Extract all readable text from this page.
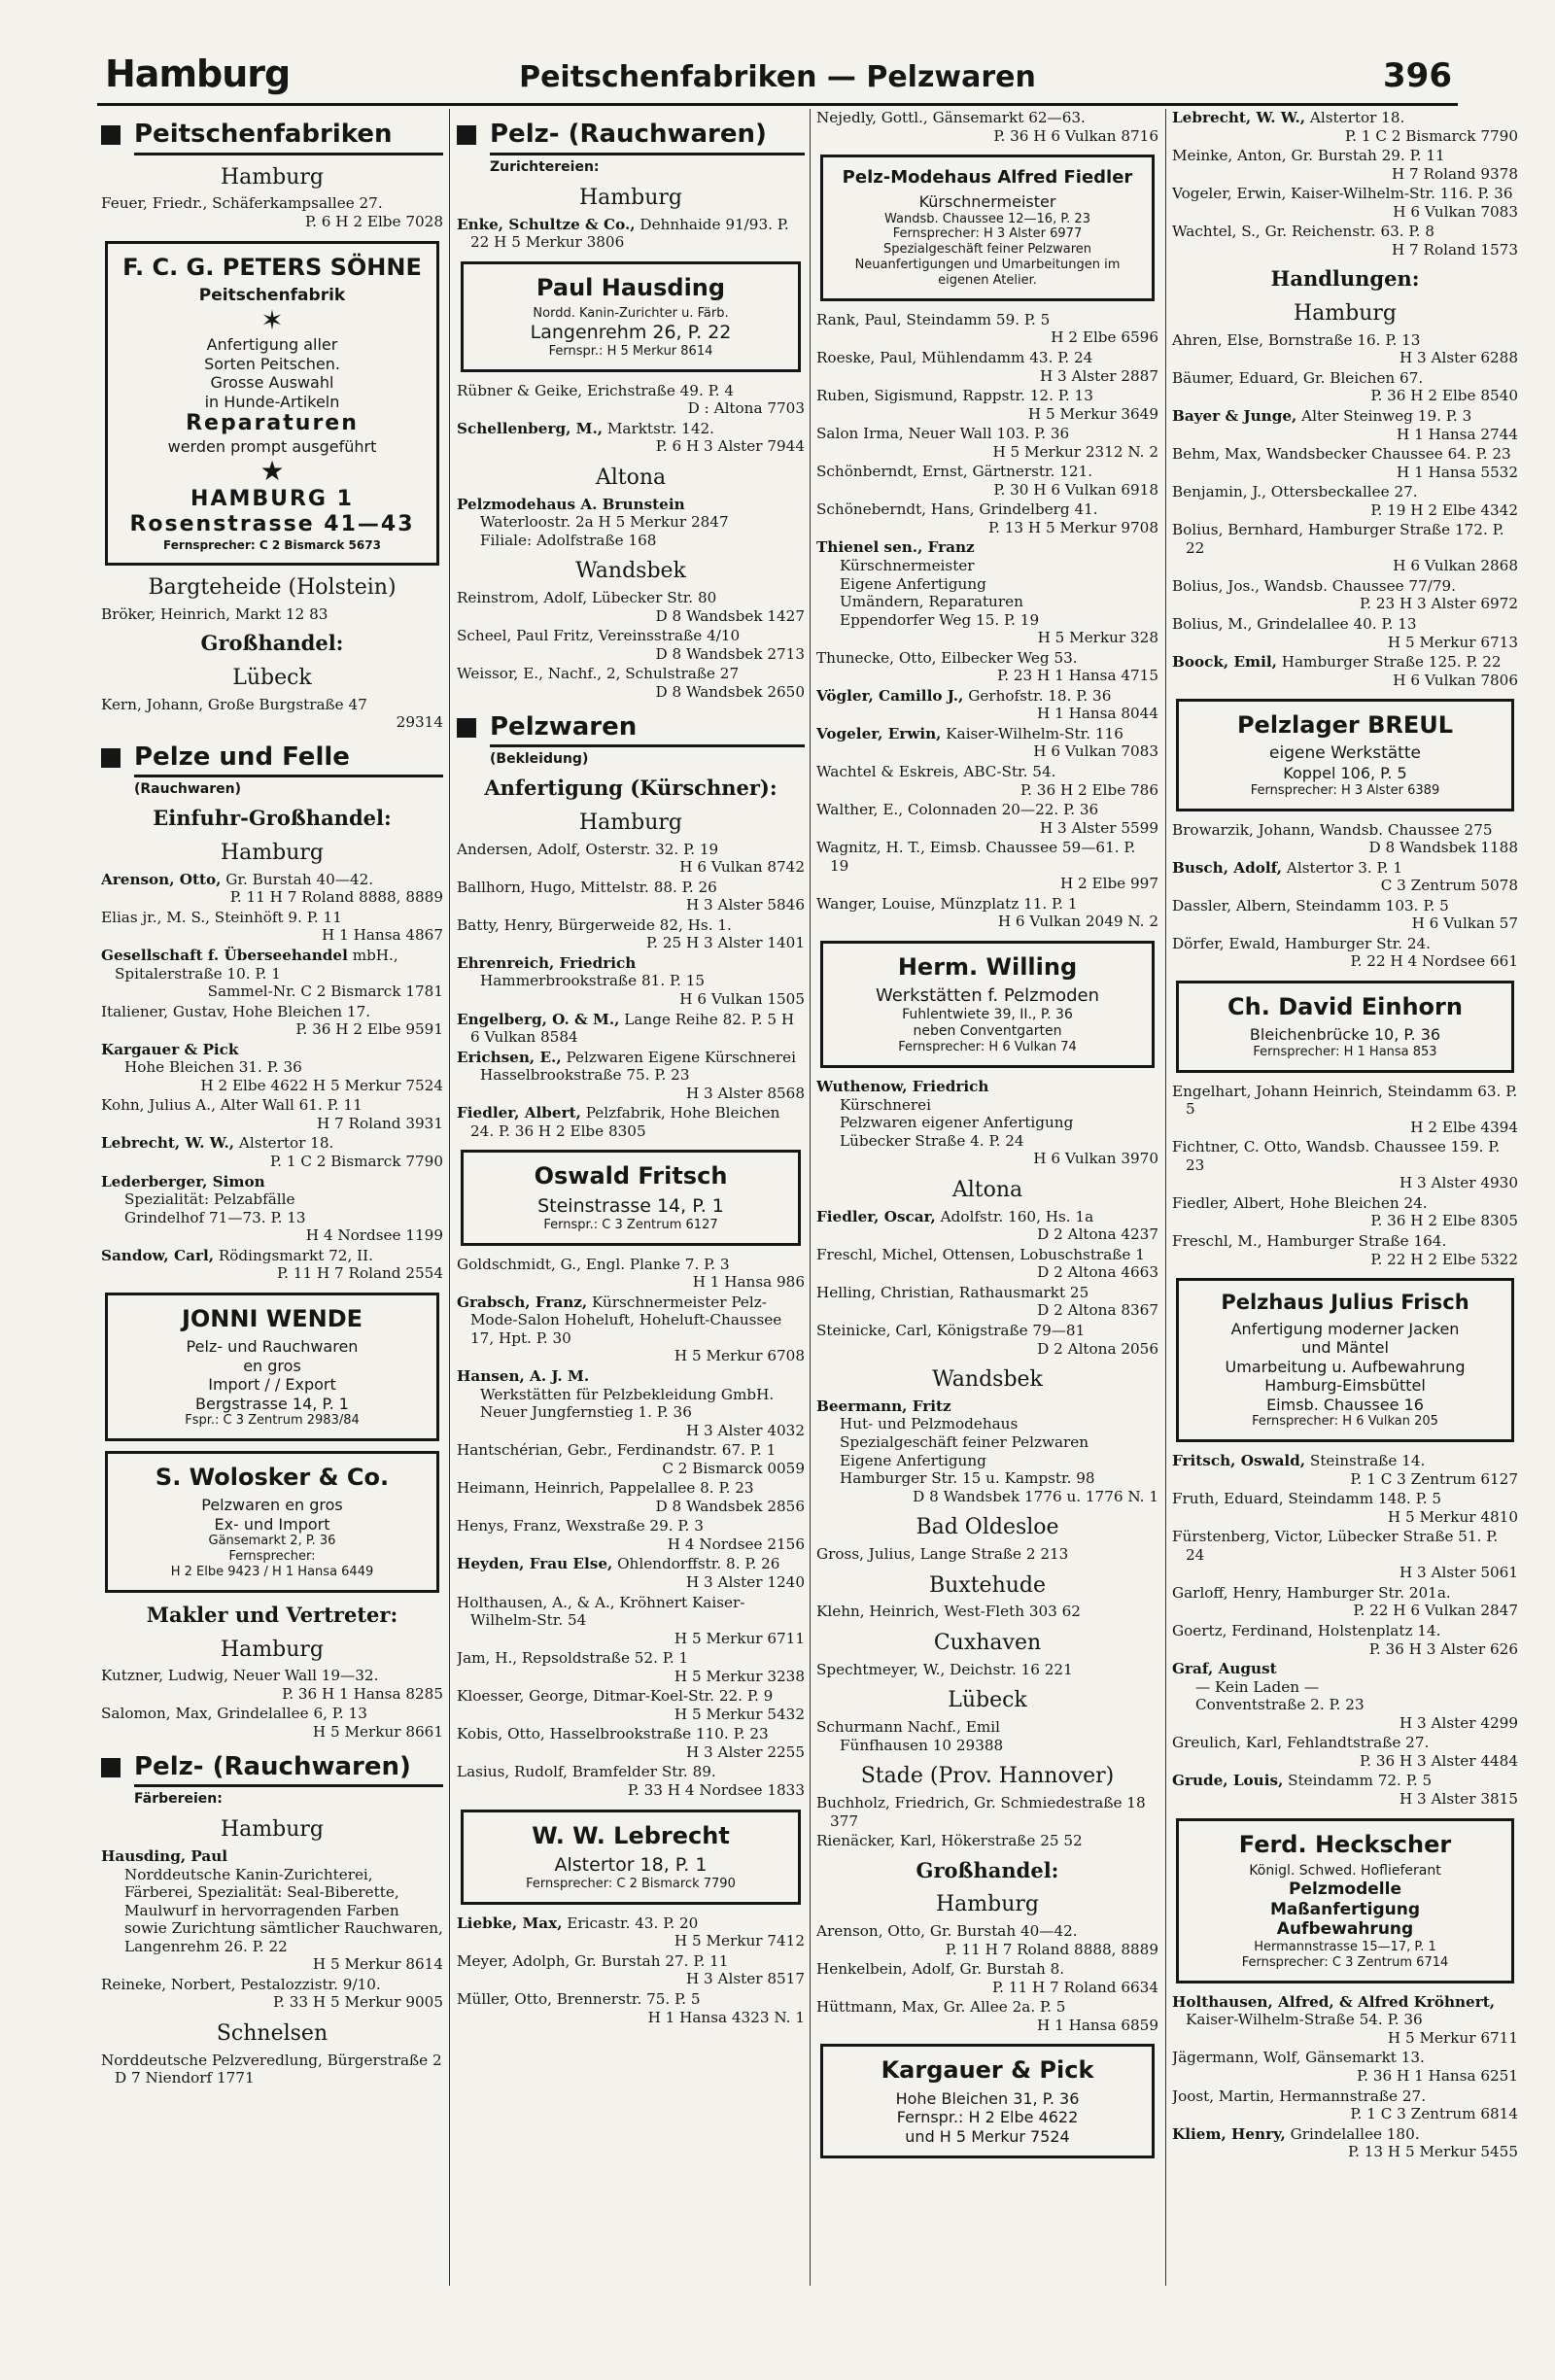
Hamburg	Peitschenfabriken — Pelzwaren	396
Peitschenfabriken
Hamburg
Feuer, Friedr., Schäferkampsallee 27.
P. 6 H 2 Elbe 7028
F. C. G. PETERS SÖHNE
Peitschenfabrik
✶
Anfertigung aller
Sorten Peitschen.
Grosse Auswahl
in Hunde-Artikeln
Reparaturen
werden prompt ausgeführt
★
HAMBURG 1
Rosenstrasse 41—43
Fernsprecher: C 2 Bismarck 5673
Bargteheide (Holstein)
Bröker, Heinrich, Markt 12 83
Großhandel:
Lübeck
Kern, Johann, Große Burgstraße 47
29314
Pelze und Felle
(Rauchwaren)
Einfuhr-Großhandel:
Hamburg
Arenson, Otto, Gr. Burstah 40—42.
P. 11 H 7 Roland 8888, 8889
Elias jr., M. S., Steinhöft 9. P. 11
H 1 Hansa 4867
Gesellschaft f. Überseehandel mbH., Spitalerstraße 10. P. 1
Sammel-Nr. C 2 Bismarck 1781
Italiener, Gustav, Hohe Bleichen 17.
P. 36 H 2 Elbe 9591
Kargauer & Pick
Hohe Bleichen 31. P. 36
H 2 Elbe 4622 H 5 Merkur 7524
Kohn, Julius A., Alter Wall 61. P. 11
H 7 Roland 3931
Lebrecht, W. W., Alstertor 18.
P. 1 C 2 Bismarck 7790
Lederberger, Simon
Spezialität: Pelzabfälle
Grindelhof 71—73. P. 13
H 4 Nordsee 1199
Sandow, Carl, Rödingsmarkt 72, II.
P. 11 H 7 Roland 2554
JONNI WENDE
Pelz- und Rauchwaren
en gros
Import / / Export
Bergstrasse 14, P. 1
Fspr.: C 3 Zentrum 2983/84
S. Wolosker & Co.
Pelzwaren en gros
Ex- und Import
Gänsemarkt 2, P. 36
Fernsprecher:
H 2 Elbe 9423 / H 1 Hansa 6449
Makler und Vertreter:
Hamburg
Kutzner, Ludwig, Neuer Wall 19—32.
P. 36 H 1 Hansa 8285
Salomon, Max, Grindelallee 6, P. 13
H 5 Merkur 8661
Pelz- (Rauchwaren)
Färbereien:
Hamburg
Hausding, Paul
Norddeutsche Kanin-Zurichterei, Färberei, Spezialität: Seal-Biberette, Maulwurf in hervorragenden Farben sowie Zurichtung sämtlicher Rauchwaren, Langenrehm 26. P. 22
H 5 Merkur 8614
Reineke, Norbert, Pestalozzistr. 9/10.
P. 33 H 5 Merkur 9005
Schnelsen
Norddeutsche Pelzveredlung, Bürgerstraße 2 D 7 Niendorf 1771
Pelz- (Rauchwaren)
Zurichtereien:
Hamburg
Enke, Schultze & Co., Dehnhaide 91/93. P. 22 H 5 Merkur 3806
Paul Hausding
Nordd. Kanin-Zurichter u. Färb.
Langenrehm 26, P. 22
Fernspr.: H 5 Merkur 8614
Rübner & Geike, Erichstraße 49. P. 4
D : Altona 7703
Schellenberg, M., Marktstr. 142.
P. 6 H 3 Alster 7944
Altona
Pelzmodehaus A. Brunstein
Waterloostr. 2a H 5 Merkur 2847
Filiale: Adolfstraße 168
Wandsbek
Reinstrom, Adolf, Lübecker Str. 80
D 8 Wandsbek 1427
Scheel, Paul Fritz, Vereinsstraße 4/10
D 8 Wandsbek 2713
Weissor, E., Nachf., 2, Schulstraße 27
D 8 Wandsbek 2650
Pelzwaren
(Bekleidung)
Anfertigung (Kürschner):
Hamburg
Andersen, Adolf, Osterstr. 32. P. 19
H 6 Vulkan 8742
Ballhorn, Hugo, Mittelstr. 88. P. 26
H 3 Alster 5846
Batty, Henry, Bürgerweide 82, Hs. 1.
P. 25 H 3 Alster 1401
Ehrenreich, Friedrich
Hammerbrookstraße 81. P. 15
H 6 Vulkan 1505
Engelberg, O. & M., Lange Reihe 82. P. 5 H 6 Vulkan 8584
Erichsen, E., Pelzwaren Eigene Kürschnerei
Hasselbrookstraße 75. P. 23
H 3 Alster 8568
Fiedler, Albert, Pelzfabrik, Hohe Bleichen 24. P. 36 H 2 Elbe 8305
Oswald Fritsch
Steinstrasse 14, P. 1
Fernspr.: C 3 Zentrum 6127
Goldschmidt, G., Engl. Planke 7. P. 3
H 1 Hansa 986
Grabsch, Franz, Kürschnermeister Pelz-Mode-Salon Hoheluft, Hoheluft-Chaussee 17, Hpt. P. 30
H 5 Merkur 6708
Hansen, A. J. M.
Werkstätten für Pelzbekleidung GmbH.
Neuer Jungfernstieg 1. P. 36
H 3 Alster 4032
Hantschérian, Gebr., Ferdinandstr. 67. P. 1
C 2 Bismarck 0059
Heimann, Heinrich, Pappelallee 8. P. 23
D 8 Wandsbek 2856
Henys, Franz, Wexstraße 29. P. 3
H 4 Nordsee 2156
Heyden, Frau Else, Ohlendorffstr. 8. P. 26
H 3 Alster 1240
Holthausen, A., & A., Kröhnert Kaiser-Wilhelm-Str. 54
H 5 Merkur 6711
Jam, H., Repsoldstraße 52. P. 1
H 5 Merkur 3238
Kloesser, George, Ditmar-Koel-Str. 22. P. 9
H 5 Merkur 5432
Kobis, Otto, Hasselbrookstraße 110. P. 23
H 3 Alster 2255
Lasius, Rudolf, Bramfelder Str. 89.
P. 33 H 4 Nordsee 1833
W. W. Lebrecht
Alstertor 18, P. 1
Fernsprecher: C 2 Bismarck 7790
Liebke, Max, Ericastr. 43. P. 20
H 5 Merkur 7412
Meyer, Adolph, Gr. Burstah 27. P. 11
H 3 Alster 8517
Müller, Otto, Brennerstr. 75. P. 5
H 1 Hansa 4323 N. 1
Nejedly, Gottl., Gänsemarkt 62—63.
P. 36 H 6 Vulkan 8716
Pelz-Modehaus Alfred Fiedler
Kürschnermeister
Wandsb. Chaussee 12—16, P. 23
Fernsprecher: H 3 Alster 6977
Spezialgeschäft feiner Pelzwaren
Neuanfertigungen und Umarbeitungen im eigenen Atelier.
Rank, Paul, Steindamm 59. P. 5
H 2 Elbe 6596
Roeske, Paul, Mühlendamm 43. P. 24
H 3 Alster 2887
Ruben, Sigismund, Rappstr. 12. P. 13
H 5 Merkur 3649
Salon Irma, Neuer Wall 103. P. 36
H 5 Merkur 2312 N. 2
Schönberndt, Ernst, Gärtnerstr. 121.
P. 30 H 6 Vulkan 6918
Schöneberndt, Hans, Grindelberg 41.
P. 13 H 5 Merkur 9708
Thienel sen., Franz
Kürschnermeister
Eigene Anfertigung
Umändern, Reparaturen
Eppendorfer Weg 15. P. 19
H 5 Merkur 328
Thunecke, Otto, Eilbecker Weg 53.
P. 23 H 1 Hansa 4715
Vögler, Camillo J., Gerhofstr. 18. P. 36
H 1 Hansa 8044
Vogeler, Erwin, Kaiser-Wilhelm-Str. 116
H 6 Vulkan 7083
Wachtel & Eskreis, ABC-Str. 54.
P. 36 H 2 Elbe 786
Walther, E., Colonnaden 20—22. P. 36
H 3 Alster 5599
Wagnitz, H. T., Eimsb. Chaussee 59—61. P. 19
H 2 Elbe 997
Wanger, Louise, Münzplatz 11. P. 1
H 6 Vulkan 2049 N. 2
Herm. Willing
Werkstätten f. Pelzmoden
Fuhlentwiete 39, II., P. 36
neben Conventgarten
Fernsprecher: H 6 Vulkan 74
Wuthenow, Friedrich
Kürschnerei
Pelzwaren eigener Anfertigung
Lübecker Straße 4. P. 24
H 6 Vulkan 3970
Altona
Fiedler, Oscar, Adolfstr. 160, Hs. 1a
D 2 Altona 4237
Freschl, Michel, Ottensen, Lobuschstraße 1
D 2 Altona 4663
Helling, Christian, Rathausmarkt 25
D 2 Altona 8367
Steinicke, Carl, Königstraße 79—81
D 2 Altona 2056
Wandsbek
Beermann, Fritz
Hut- und Pelzmodehaus
Spezialgeschäft feiner Pelzwaren
Eigene Anfertigung
Hamburger Str. 15 u. Kampstr. 98
D 8 Wandsbek 1776 u. 1776 N. 1
Bad Oldesloe
Gross, Julius, Lange Straße 2 213
Buxtehude
Klehn, Heinrich, West-Fleth 303 62
Cuxhaven
Spechtmeyer, W., Deichstr. 16 221
Lübeck
Schurmann Nachf., Emil
Fünfhausen 10 29388
Stade (Prov. Hannover)
Buchholz, Friedrich, Gr. Schmiedestraße 18 377
Rienäcker, Karl, Hökerstraße 25 52
Großhandel:
Hamburg
Arenson, Otto, Gr. Burstah 40—42.
P. 11 H 7 Roland 8888, 8889
Henkelbein, Adolf, Gr. Burstah 8.
P. 11 H 7 Roland 6634
Hüttmann, Max, Gr. Allee 2a. P. 5
H 1 Hansa 6859
Kargauer & Pick
Hohe Bleichen 31, P. 36
Fernspr.: H 2 Elbe 4622
und H 5 Merkur 7524
Lebrecht, W. W., Alstertor 18.
P. 1 C 2 Bismarck 7790
Meinke, Anton, Gr. Burstah 29. P. 11
H 7 Roland 9378
Vogeler, Erwin, Kaiser-Wilhelm-Str. 116. P. 36
H 6 Vulkan 7083
Wachtel, S., Gr. Reichenstr. 63. P. 8
H 7 Roland 1573
Handlungen:
Hamburg
Ahren, Else, Bornstraße 16. P. 13
H 3 Alster 6288
Bäumer, Eduard, Gr. Bleichen 67.
P. 36 H 2 Elbe 8540
Bayer & Junge, Alter Steinweg 19. P. 3
H 1 Hansa 2744
Behm, Max, Wandsbecker Chaussee 64. P. 23
H 1 Hansa 5532
Benjamin, J., Ottersbeckallee 27.
P. 19 H 2 Elbe 4342
Bolius, Bernhard, Hamburger Straße 172. P. 22
H 6 Vulkan 2868
Bolius, Jos., Wandsb. Chaussee 77/79.
P. 23 H 3 Alster 6972
Bolius, M., Grindelallee 40. P. 13
H 5 Merkur 6713
Boock, Emil, Hamburger Straße 125. P. 22
H 6 Vulkan 7806
Pelzlager BREUL
eigene Werkstätte
Koppel 106, P. 5
Fernsprecher: H 3 Alster 6389
Browarzik, Johann, Wandsb. Chaussee 275
D 8 Wandsbek 1188
Busch, Adolf, Alstertor 3. P. 1
C 3 Zentrum 5078
Dassler, Albern, Steindamm 103. P. 5
H 6 Vulkan 57
Dörfer, Ewald, Hamburger Str. 24.
P. 22 H 4 Nordsee 661
Ch. David Einhorn
Bleichenbrücke 10, P. 36
Fernsprecher: H 1 Hansa 853
Engelhart, Johann Heinrich, Steindamm 63. P. 5
H 2 Elbe 4394
Fichtner, C. Otto, Wandsb. Chaussee 159. P. 23
H 3 Alster 4930
Fiedler, Albert, Hohe Bleichen 24.
P. 36 H 2 Elbe 8305
Freschl, M., Hamburger Straße 164.
P. 22 H 2 Elbe 5322
Pelzhaus Julius Frisch
Anfertigung moderner Jacken
und Mäntel
Umarbeitung u. Aufbewahrung
Hamburg-Eimsbüttel
Eimsb. Chaussee 16
Fernsprecher: H 6 Vulkan 205
Fritsch, Oswald, Steinstraße 14.
P. 1 C 3 Zentrum 6127
Fruth, Eduard, Steindamm 148. P. 5
H 5 Merkur 4810
Fürstenberg, Victor, Lübecker Straße 51. P. 24
H 3 Alster 5061
Garloff, Henry, Hamburger Str. 201a.
P. 22 H 6 Vulkan 2847
Goertz, Ferdinand, Holstenplatz 14.
P. 36 H 3 Alster 626
Graf, August
— Kein Laden —
Conventstraße 2. P. 23
H 3 Alster 4299
Greulich, Karl, Fehlandtstraße 27.
P. 36 H 3 Alster 4484
Grude, Louis, Steindamm 72. P. 5
H 3 Alster 3815
Ferd. Heckscher
Königl. Schwed. Hoflieferant
Pelzmodelle
Maßanfertigung
Aufbewahrung
Hermannstrasse 15—17, P. 1
Fernsprecher: C 3 Zentrum 6714
Holthausen, Alfred, & Alfred Kröhnert, Kaiser-Wilhelm-Straße 54. P. 36
H 5 Merkur 6711
Jägermann, Wolf, Gänsemarkt 13.
P. 36 H 1 Hansa 6251
Joost, Martin, Hermannstraße 27.
P. 1 C 3 Zentrum 6814
Kliem, Henry, Grindelallee 180.
P. 13 H 5 Merkur 5455
